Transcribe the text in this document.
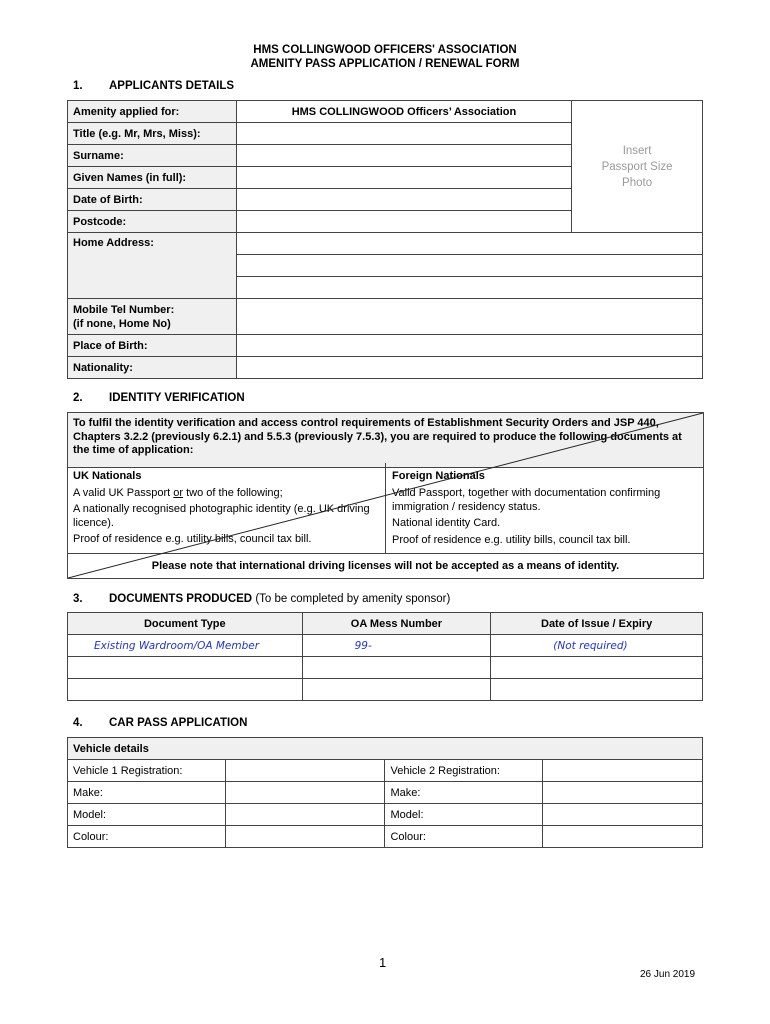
HMS COLLINGWOOD OFFICERS' ASSOCIATION
AMENITY PASS APPLICATION / RENEWAL FORM
1. APPLICANTS DETAILS
Amenity applied for:	HMS COLLINGWOOD Officers’ Association	Insert
Passport Size
Photo

Title (e.g. Mr, Mrs, Miss):		
Surname:		
Given Names (in full):		
Date of Birth:		
Postcode:		
Home Address:		

Mobile Tel Number:
(if none, Home No)		

Place of Birth:		
Nationality:		
2. IDENTITY VERIFICATION
To fulfil the identity verification and access control requirements of Establishment Security Orders and JSP 440, Chapters 3.2.2 (previously 6.2.1) and 5.5.3 (previously 7.5.3), you are required to produce the following documents at the time of application:
UK Nationals
A valid UK Passport or two of the following;
A nationally recognised photographic identity (e.g. UK driving licence).
Proof of residence e.g. utility bills, council tax bill.
Foreign Nationals
Valid Passport, together with documentation confirming immigration / residency status.
National identity Card.
Proof of residence e.g. utility bills, council tax bill.
Please note that international driving licenses will not be accepted as a means of identity.
3. DOCUMENTS PRODUCED (To be completed by amenity sponsor)
Document Type	OA Mess Number	Date of Issue / Expiry
Existing Wardroom/OA Member	99-	(Not required)

4. CAR PASS APPLICATION
Vehicle details			
Vehicle 1 Registration:		Vehicle 2 Registration:	
Make:		Make:	
Model:		Model:	
Colour:		Colour:	
1
26 Jun 2019
